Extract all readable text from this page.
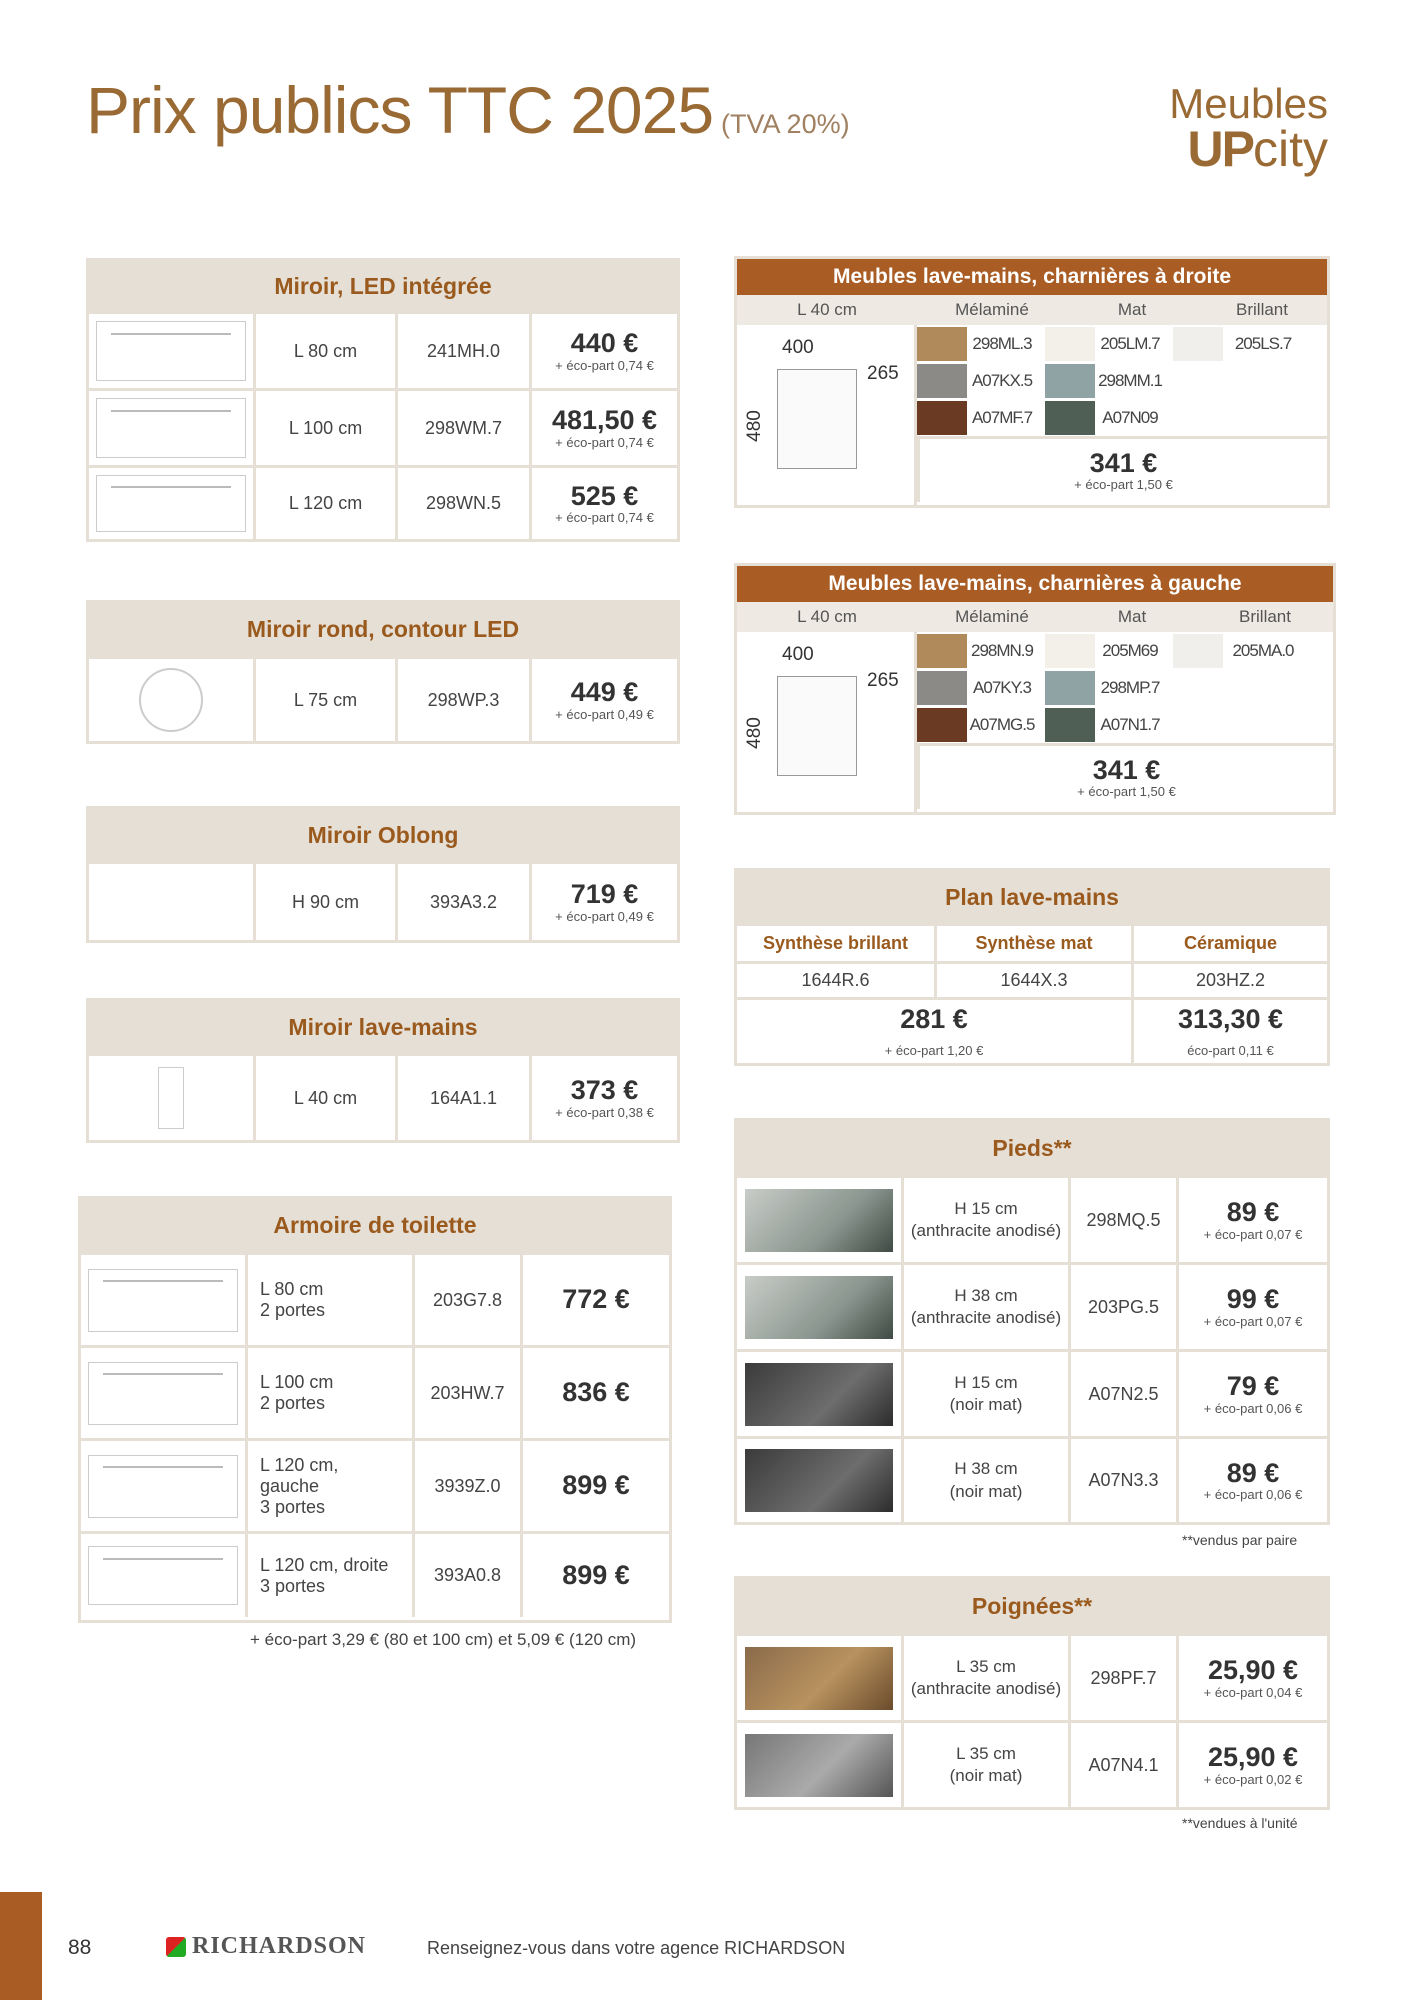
Prix publics TTC 2025 (TVA 20%)	Meubles
UPcity
Miroir, LED intégrée
L 80 cm	241MH.0	440 €
+ éco-part 0,74 €
L 100 cm	298WM.7	481,50 €
+ éco-part 0,74 €
L 120 cm	298WN.5	525 €
+ éco-part 0,74 €
Miroir rond, contour LED
L 75 cm	298WP.3	449 €
+ éco-part 0,49 €
Miroir Oblong
H 90 cm	393A3.2	719 €
+ éco-part 0,49 €
Miroir lave-mains
L 40 cm	164A1.1	373 €
+ éco-part 0,38 €
Armoire de toilette
L 80 cm
2 portes
203G7.8	772 €
L 100 cm
2 portes
203HW.7	836 €
L 120 cm,
gauche
3 portes
3939Z.0	899 €
L 120 cm, droite
3 portes
393A0.8	899 €
+ éco-part 3,29 € (80 et 100 cm) et 5,09 € (120 cm)
Meubles lave-mains, charnières à droite
L 40 cm	Mélaminé	Mat	Brillant
400
265
480
298ML.3	205LM.7	205LS.7
A07KX.5	298MM.1
A07MF.7	A07N09
341 €
+ éco-part 1,50 €
Meubles lave-mains, charnières à gauche
L 40 cm	Mélaminé	Mat	Brillant
400
265
480
298MN.9	205M69	205MA.0
A07KY.3	298MP.7
A07MG.5	A07N1.7
341 €
+ éco-part 1,50 €
Plan lave-mains
Synthèse brillant	Synthèse mat	Céramique
1644R.6	1644X.3	203HZ.2
281 €
+ éco-part 1,20 €
313,30 €
éco-part 0,11 €
Pieds**
H 15 cm
(anthracite anodisé)
298MQ.5	89 €
+ éco-part 0,07 €
H 38 cm
(anthracite anodisé)
203PG.5	99 €
+ éco-part 0,07 €
H 15 cm
(noir mat)
A07N2.5	79 €
+ éco-part 0,06 €
H 38 cm
(noir mat)
A07N3.3	89 €
+ éco-part 0,06 €
**vendus par paire
Poignées**
L 35 cm
(anthracite anodisé)
298PF.7	25,90 €
+ éco-part 0,04 €
L 35 cm
(noir mat)
A07N4.1	25,90 €
+ éco-part 0,02 €
**vendues à l'unité
88	RICHARDSON	Renseignez-vous dans votre agence RICHARDSON
